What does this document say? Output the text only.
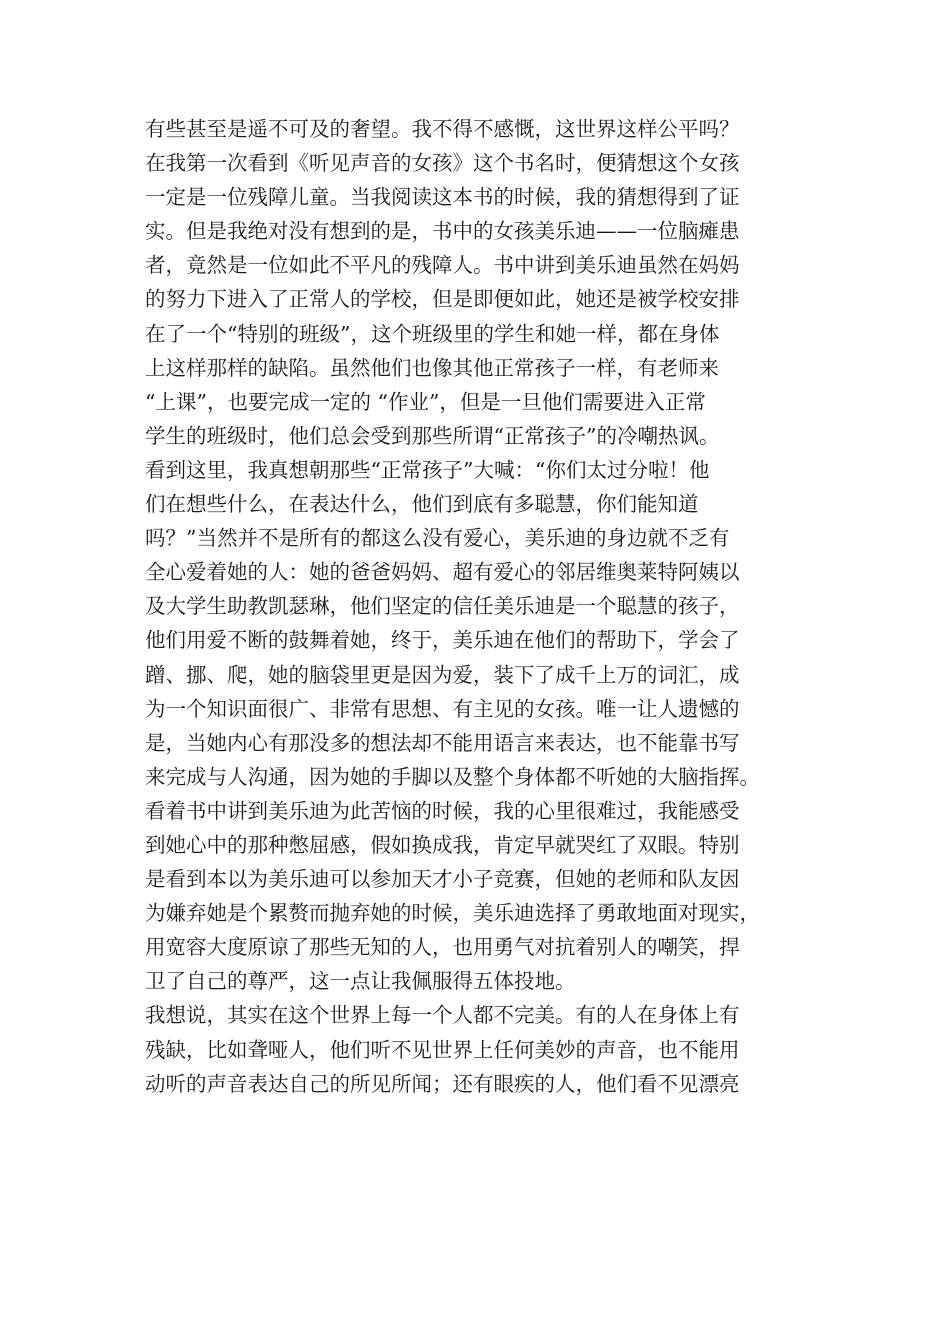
有些甚至是遥不可及的奢望。我不得不感慨，这世界这样公平吗？
在我第一次看到《听见声音的女孩》这个书名时，便猜想这个女孩
一定是一位残障儿童。当我阅读这本书的时候，我的猜想得到了证
实。但是我绝对没有想到的是，书中的女孩美乐迪——一位脑瘫患
者，竟然是一位如此不平凡的残障人。书中讲到美乐迪虽然在妈妈
的努力下进入了正常人的学校，但是即便如此，她还是被学校安排
在了一个“特别的班级”，这个班级里的学生和她一样，都在身体
上这样那样的缺陷。虽然他们也像其他正常孩子一样，有老师来
“上课”，也要完成一定的 “作业”，但是一旦他们需要进入正常
学生的班级时，他们总会受到那些所谓“正常孩子”的冷嘲热讽。
看到这里，我真想朝那些“正常孩子”大喊：“你们太过分啦！他
们在想些什么，在表达什么，他们到底有多聪慧，你们能知道
吗？”当然并不是所有的都这么没有爱心，美乐迪的身边就不乏有
全心爱着她的人：她的爸爸妈妈、超有爱心的邻居维奥莱特阿姨以
及大学生助教凯瑟琳，他们坚定的信任美乐迪是一个聪慧的孩子，
他们用爱不断的鼓舞着她，终于，美乐迪在他们的帮助下，学会了
蹭、挪、爬，她的脑袋里更是因为爱，装下了成千上万的词汇，成
为一个知识面很广、非常有思想、有主见的女孩。唯一让人遗憾的
是，当她内心有那没多的想法却不能用语言来表达，也不能靠书写
来完成与人沟通，因为她的手脚以及整个身体都不听她的大脑指挥。
看着书中讲到美乐迪为此苦恼的时候，我的心里很难过，我能感受
到她心中的那种憋屈感，假如换成我，肯定早就哭红了双眼。特别
是看到本以为美乐迪可以参加天才小子竞赛，但她的老师和队友因
为嫌弃她是个累赘而抛弃她的时候，美乐迪选择了勇敢地面对现实，
用宽容大度原谅了那些无知的人，也用勇气对抗着别人的嘲笑，捍
卫了自己的尊严，这一点让我佩服得五体投地。
我想说，其实在这个世界上每一个人都不完美。有的人在身体上有
残缺，比如聋哑人，他们听不见世界上任何美妙的声音，也不能用
动听的声音表达自己的所见所闻；还有眼疾的人，他们看不见漂亮
